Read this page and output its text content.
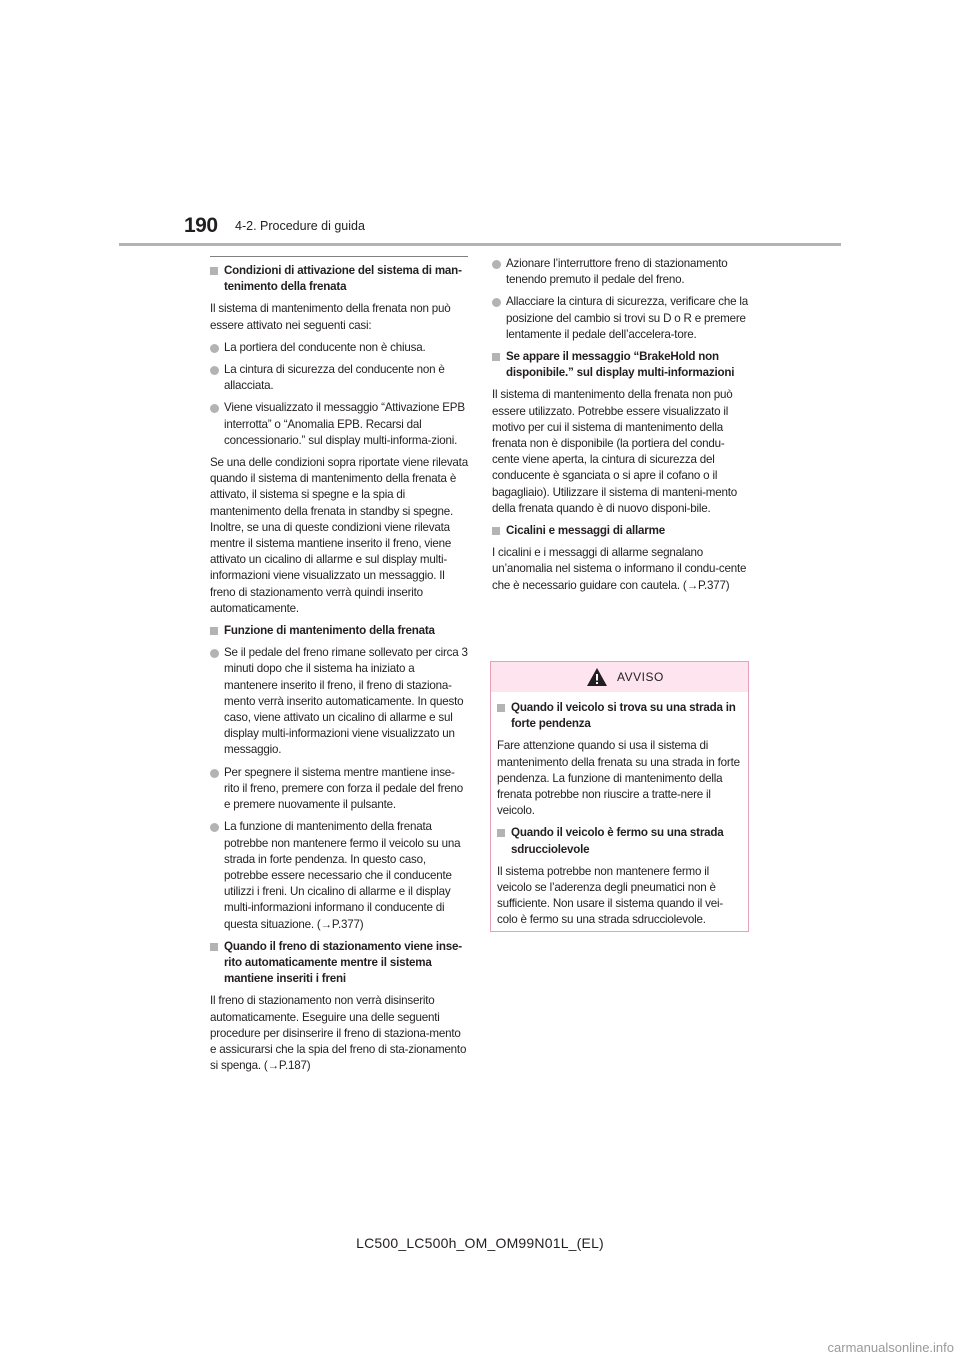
190 4-2. Procedure di guida
Condizioni di attivazione del sistema di man-tenimento della frenata
Il sistema di mantenimento della frenata non può essere attivato nei seguenti casi:
La portiera del conducente non è chiusa.
La cintura di sicurezza del conducente non è allacciata.
Viene visualizzato il messaggio “Attivazione EPB interrotta” o “Anomalia EPB. Recarsi dal concessionario.” sul display multi-informa-zioni.
Se una delle condizioni sopra riportate viene rilevata quando il sistema di mantenimento della frenata è attivato, il sistema si spegne e la spia di mantenimento della frenata in standby si spegne. Inoltre, se una di queste condizioni viene rilevata mentre il sistema mantiene inserito il freno, viene attivato un cicalino di allarme e sul display multi-informazioni viene visualizzato un messaggio. Il freno di stazionamento verrà quindi inserito automaticamente.
Funzione di mantenimento della frenata
Se il pedale del freno rimane sollevato per circa 3 minuti dopo che il sistema ha iniziato a mantenere inserito il freno, il freno di staziona-mento verrà inserito automaticamente. In questo caso, viene attivato un cicalino di allarme e sul display multi-informazioni viene visualizzato un messaggio.
Per spegnere il sistema mentre mantiene inse-rito il freno, premere con forza il pedale del freno e premere nuovamente il pulsante.
La funzione di mantenimento della frenata potrebbe non mantenere fermo il veicolo su una strada in forte pendenza. In questo caso, potrebbe essere necessario che il conducente utilizzi i freni. Un cicalino di allarme e il display multi-informazioni informano il conducente di questa situazione. (→P.377)
Quando il freno di stazionamento viene inse-rito automaticamente mentre il sistema mantiene inseriti i freni
Il freno di stazionamento non verrà disinserito automaticamente. Eseguire una delle seguenti procedure per disinserire il freno di staziona-mento e assicurarsi che la spia del freno di sta-zionamento si spenga. (→P.187)
Azionare l’interruttore freno di stazionamento tenendo premuto il pedale del freno.
Allacciare la cintura di sicurezza, verificare che la posizione del cambio si trovi su D o R e premere lentamente il pedale dell’accelera-tore.
Se appare il messaggio “BrakeHold non disponibile.” sul display multi-informazioni
Il sistema di mantenimento della frenata non può essere utilizzato. Potrebbe essere visualizzato il motivo per cui il sistema di mantenimento della frenata non è disponibile (la portiera del condu-cente viene aperta, la cintura di sicurezza del conducente è sganciata o si apre il cofano o il bagagliaio). Utilizzare il sistema di manteni-mento della frenata quando è di nuovo disponi-bile.
Cicalini e messaggi di allarme
I cicalini e i messaggi di allarme segnalano un’anomalia nel sistema o informano il condu-cente che è necessario guidare con cautela. (→P.377)
AVVISO
Quando il veicolo si trova su una strada in forte pendenza
Fare attenzione quando si usa il sistema di mantenimento della frenata su una strada in forte pendenza. La funzione di mantenimento della frenata potrebbe non riuscire a tratte-nere il veicolo.
Quando il veicolo è fermo su una strada sdrucciolevole
Il sistema potrebbe non mantenere fermo il veicolo se l’aderenza degli pneumatici non è sufficiente. Non usare il sistema quando il vei-colo è fermo su una strada sdrucciolevole.
LC500_LC500h_OM_OM99N01L_(EL)
carmanualsonline.info
